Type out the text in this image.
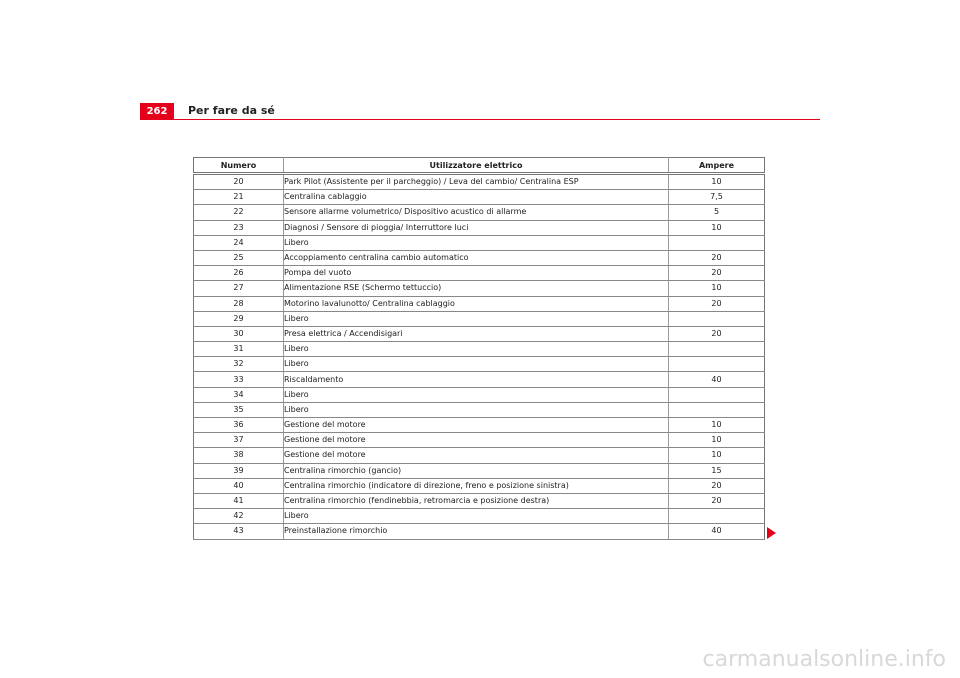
262	Per fare da sé
Numero	Utilizzatore elettrico	Ampere
20	Park Pilot (Assistente per il parcheggio) / Leva del cambio/ Centralina ESP	10
21	Centralina cablaggio	7,5
22	Sensore allarme volumetrico/ Dispositivo acustico di allarme	5
23	Diagnosi / Sensore di pioggia/ Interruttore luci	10
24	Libero	
25	Accoppiamento centralina cambio automatico	20
26	Pompa del vuoto	20
27	Alimentazione RSE (Schermo tettuccio)	10
28	Motorino lavalunotto/ Centralina cablaggio	20
29	Libero	
30	Presa elettrica / Accendisigari	20
31	Libero	
32	Libero	
33	Riscaldamento	40
34	Libero	
35	Libero	
36	Gestione del motore	10
37	Gestione del motore	10
38	Gestione del motore	10
39	Centralina rimorchio (gancio)	15
40	Centralina rimorchio (indicatore di direzione, freno e posizione sinistra)	20
41	Centralina rimorchio (fendinebbia, retromarcia e posizione destra)	20
42	Libero	
43	Preinstallazione rimorchio	40
carmanualsonline.info
